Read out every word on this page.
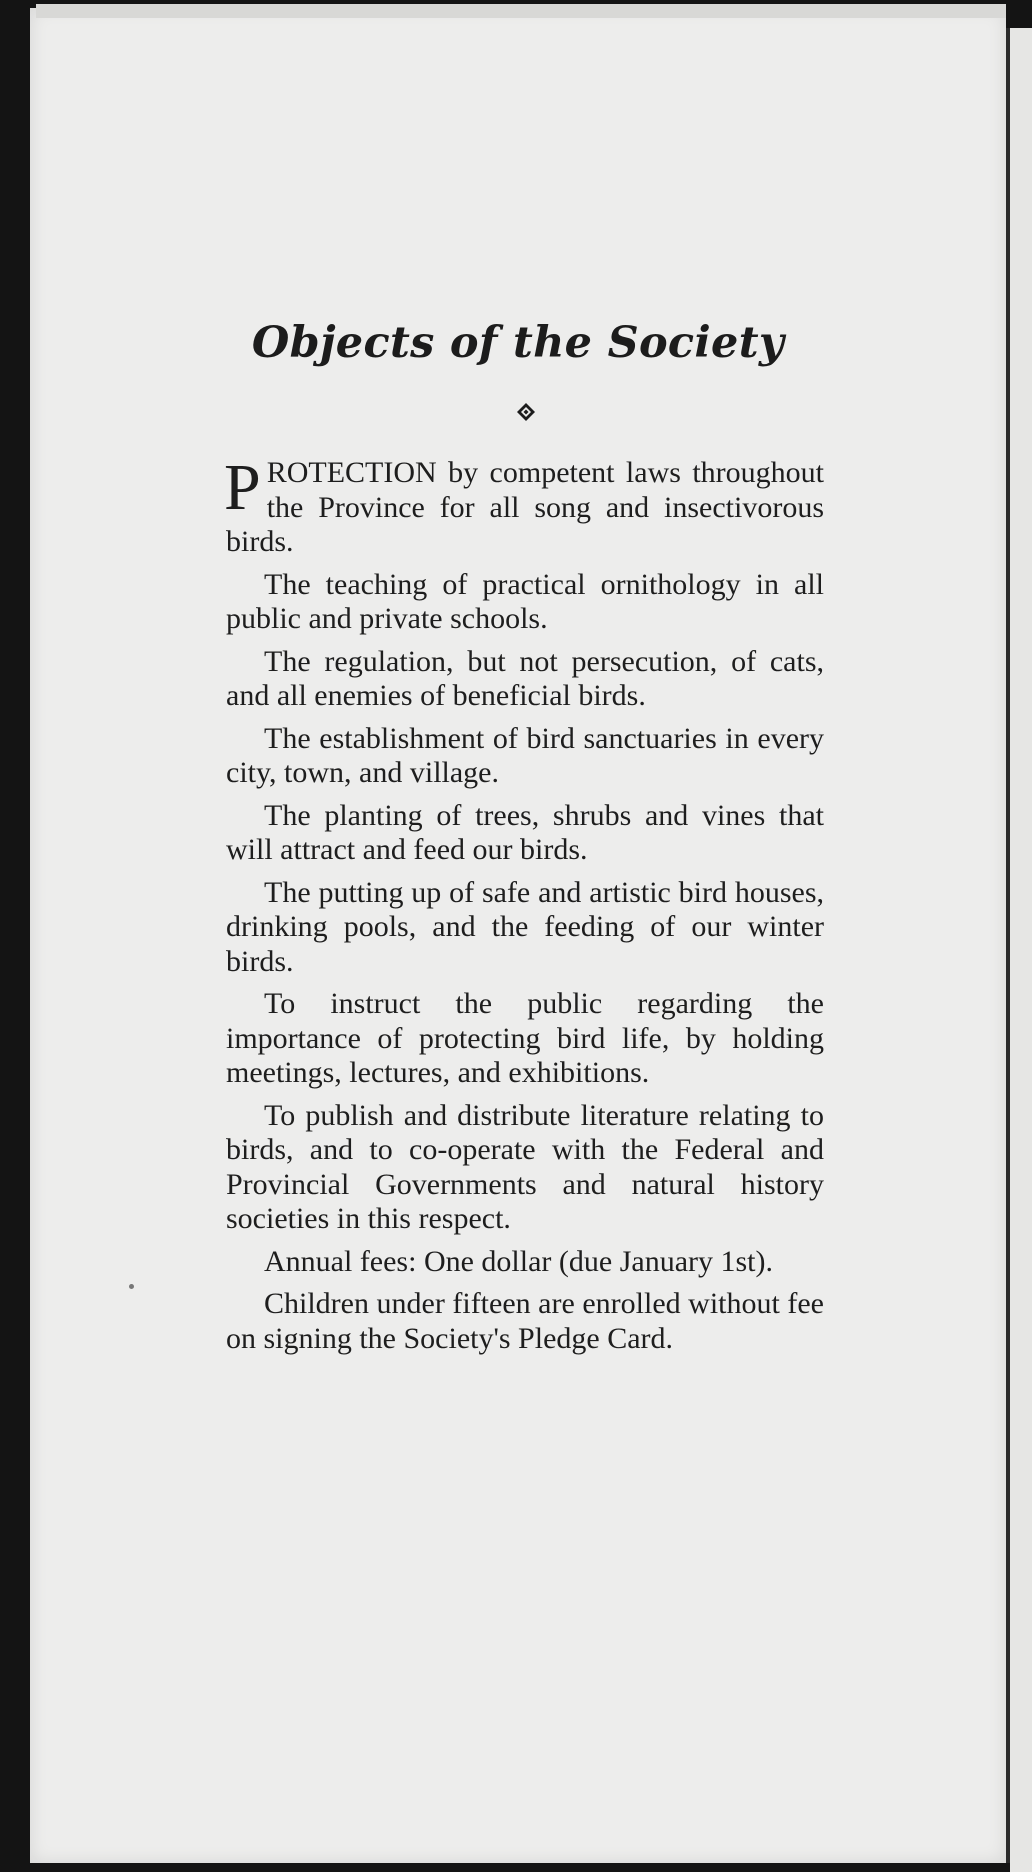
Objects of the Society

PROTECTION by competent laws throughout the Province for all song and insectivorous birds.

The teaching of practical ornithology in all public and private schools.

The regulation, but not persecution, of cats, and all enemies of beneficial birds.

The establishment of bird sanctuaries in every city, town, and village.

The planting of trees, shrubs and vines that will attract and feed our birds.

The putting up of safe and artistic bird houses, drinking pools, and the feeding of our winter birds.

To instruct the public regarding the importance of protecting bird life, by holding meetings, lectures, and exhibitions.

To publish and distribute literature relating to birds, and to co-operate with the Federal and Provincial Governments and natural history societies in this respect.

Annual fees: One dollar (due January 1st).

Children under fifteen are enrolled without fee on signing the Society's Pledge Card.
